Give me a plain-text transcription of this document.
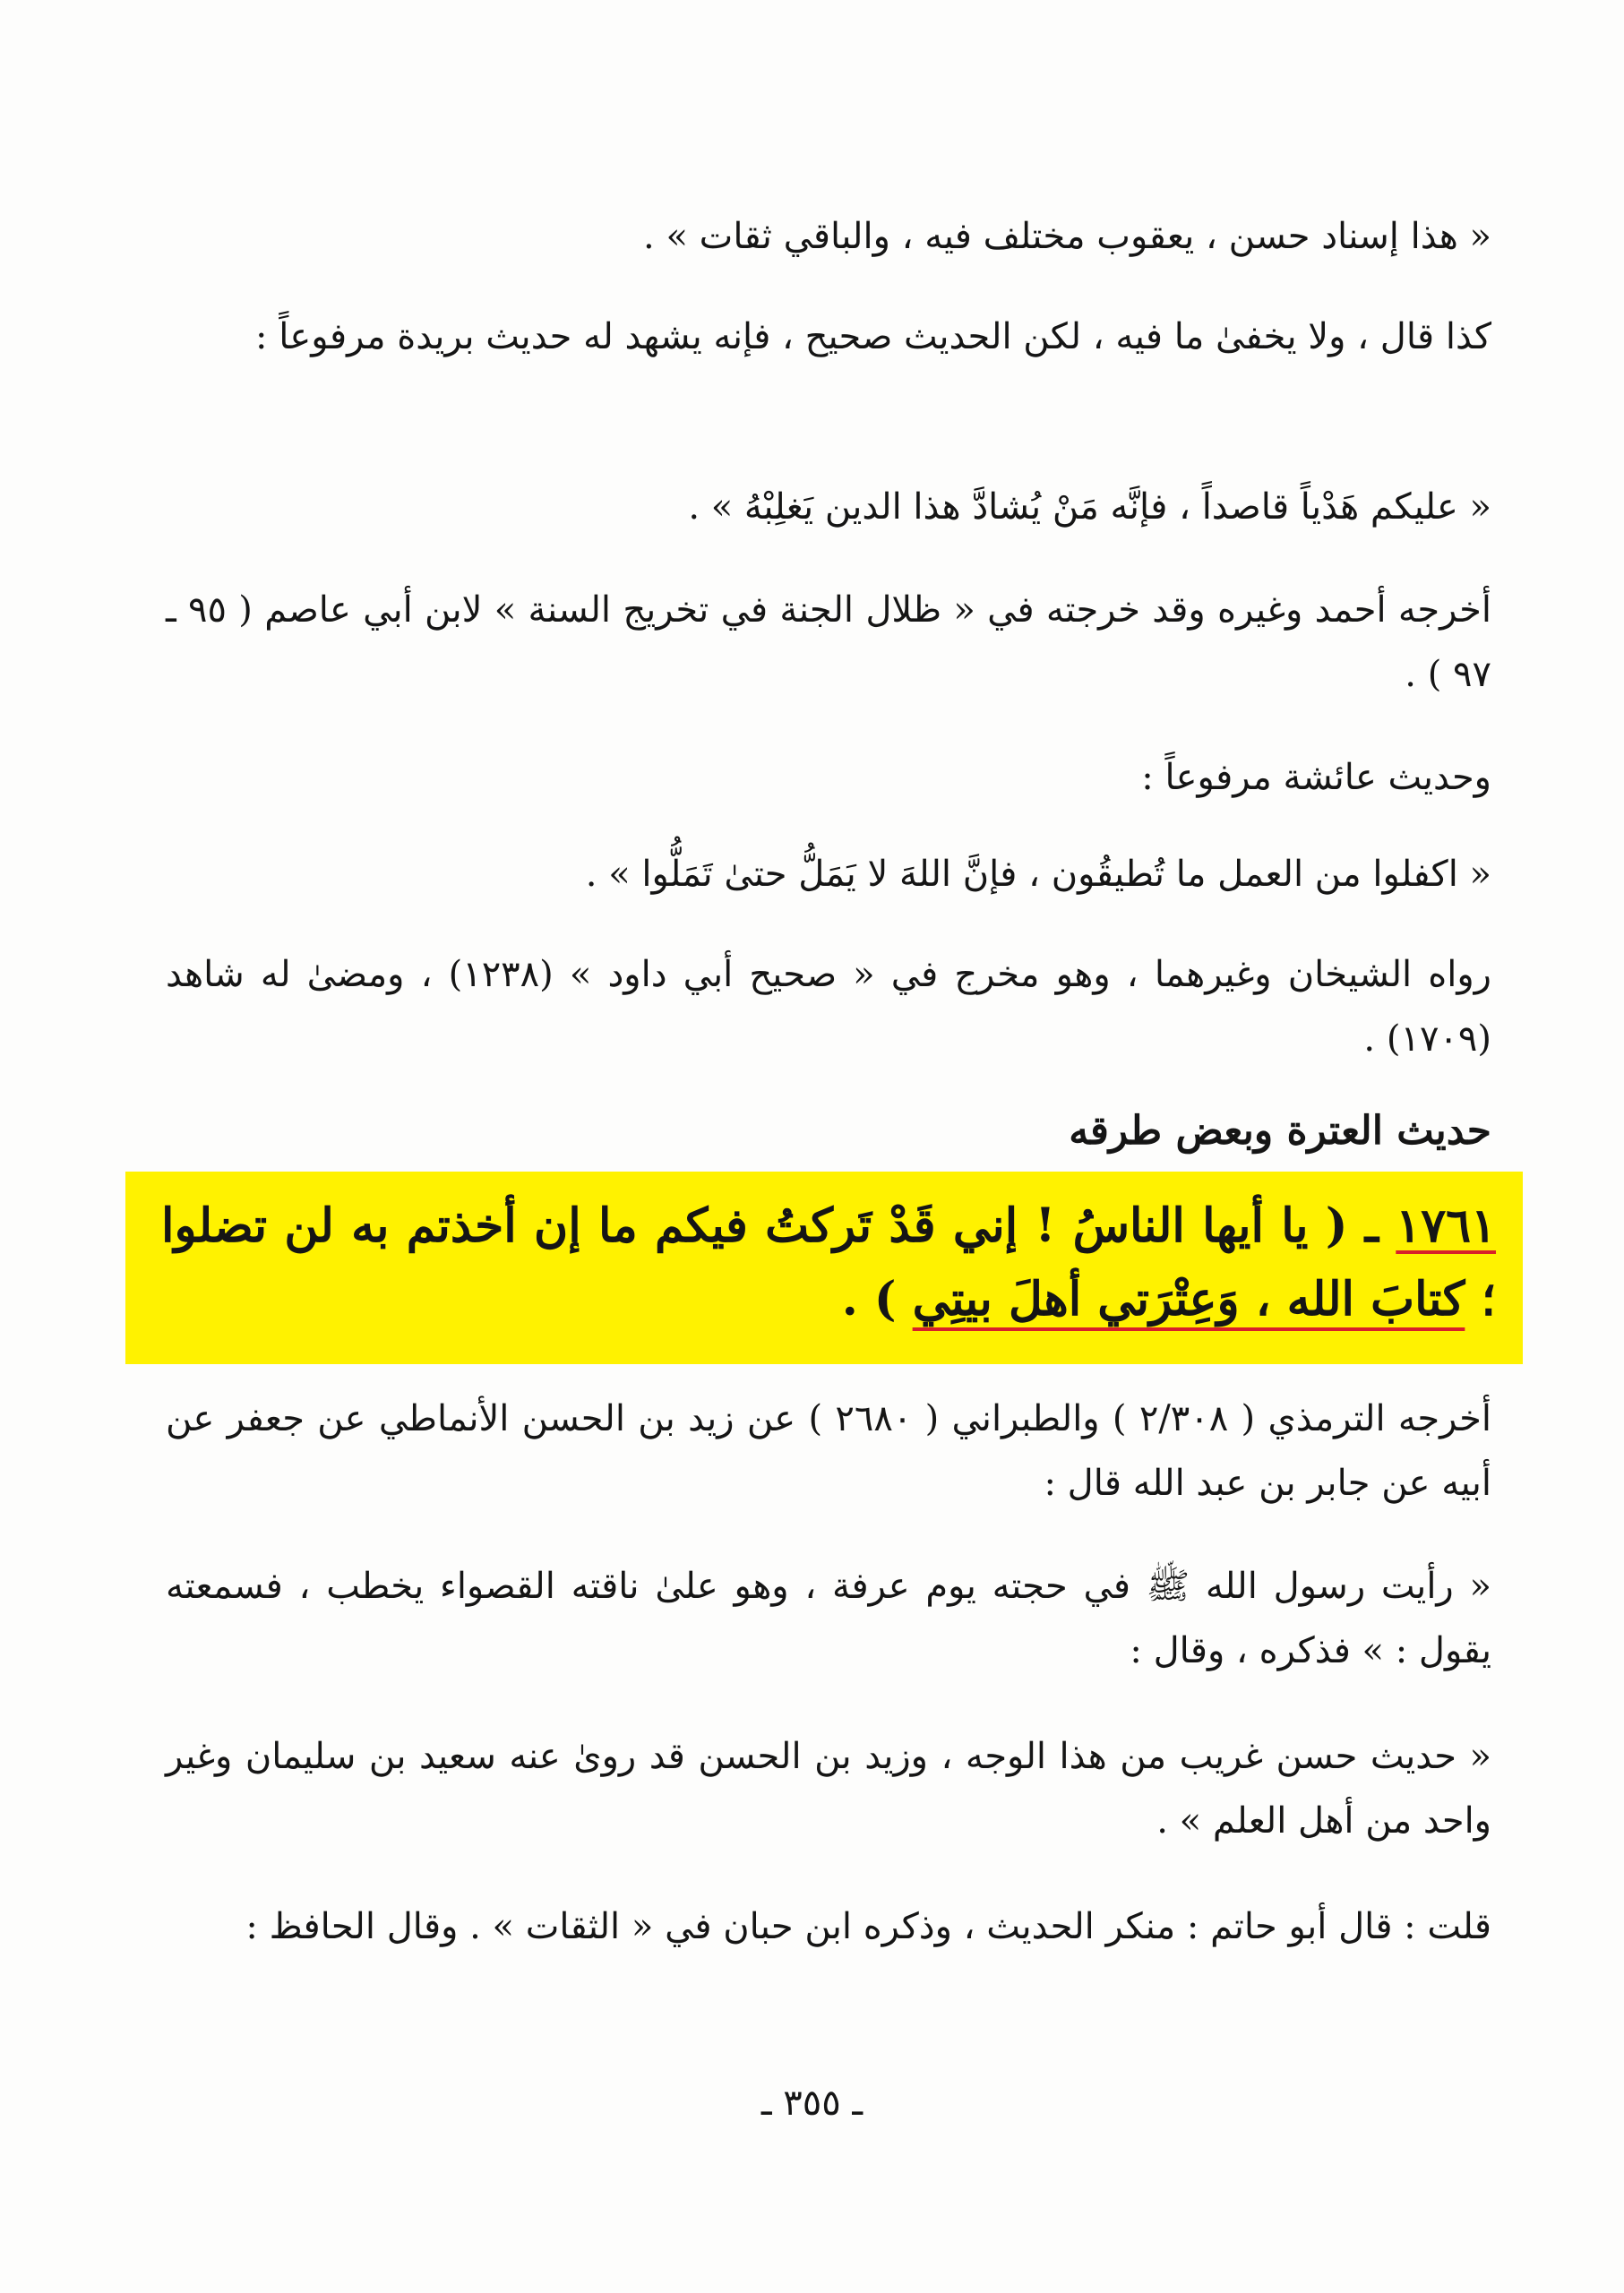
« هذا إسناد حسن ، يعقوب مختلف فيه ، والباقي ثقات » .
كذا قال ، ولا يخفىٰ ما فيه ، لكن الحديث صحيح ، فإنه يشهد له حديث بريدة مرفوعاً :
« عليكم هَدْياً قاصداً ، فإنَّه مَنْ يُشادَّ هذا الدين يَغلِبْهُ » .
أخرجه أحمد وغيره وقد خرجته في « ظلال الجنة في تخريج السنة » لابن أبي عاصم ( ٩٥ ـ ٩٧ ) .
وحديث عائشة مرفوعاً :
« اكفلوا من العمل ما تُطيقُون ، فإنَّ اللهَ لا يَمَلُّ حتىٰ تَمَلُّوا » .
رواه الشيخان وغيرهما ، وهو مخرج في « صحيح أبي داود » (١٢٣٨) ، ومضىٰ له شاهد (١٧٠٩) .
حديث العترة وبعض طرقه
١٧٦١ ـ ( يا أيها الناسُ ! إني قَدْ تَركتُ فيكم ما إن أخذتم به لن تضلوا ؛ كتابَ الله ، وَعِتْرَتي أهلَ بيتِي ) .
أخرجه الترمذي ( ٢/٣٠٨ ) والطبراني ( ٢٦٨٠ ) عن زيد بن الحسن الأنماطي عن جعفر عن أبيه عن جابر بن عبد الله قال :
« رأيت رسول الله ﷺ في حجته يوم عرفة ، وهو علىٰ ناقته القصواء يخطب ، فسمعته يقول : » فذكره ، وقال :
« حديث حسن غريب من هذا الوجه ، وزيد بن الحسن قد روىٰ عنه سعيد بن سليمان وغير واحد من أهل العلم » .
قلت : قال أبو حاتم : منكر الحديث ، وذكره ابن حبان في « الثقات » . وقال الحافظ :
ـ ٣٥٥ ـ
